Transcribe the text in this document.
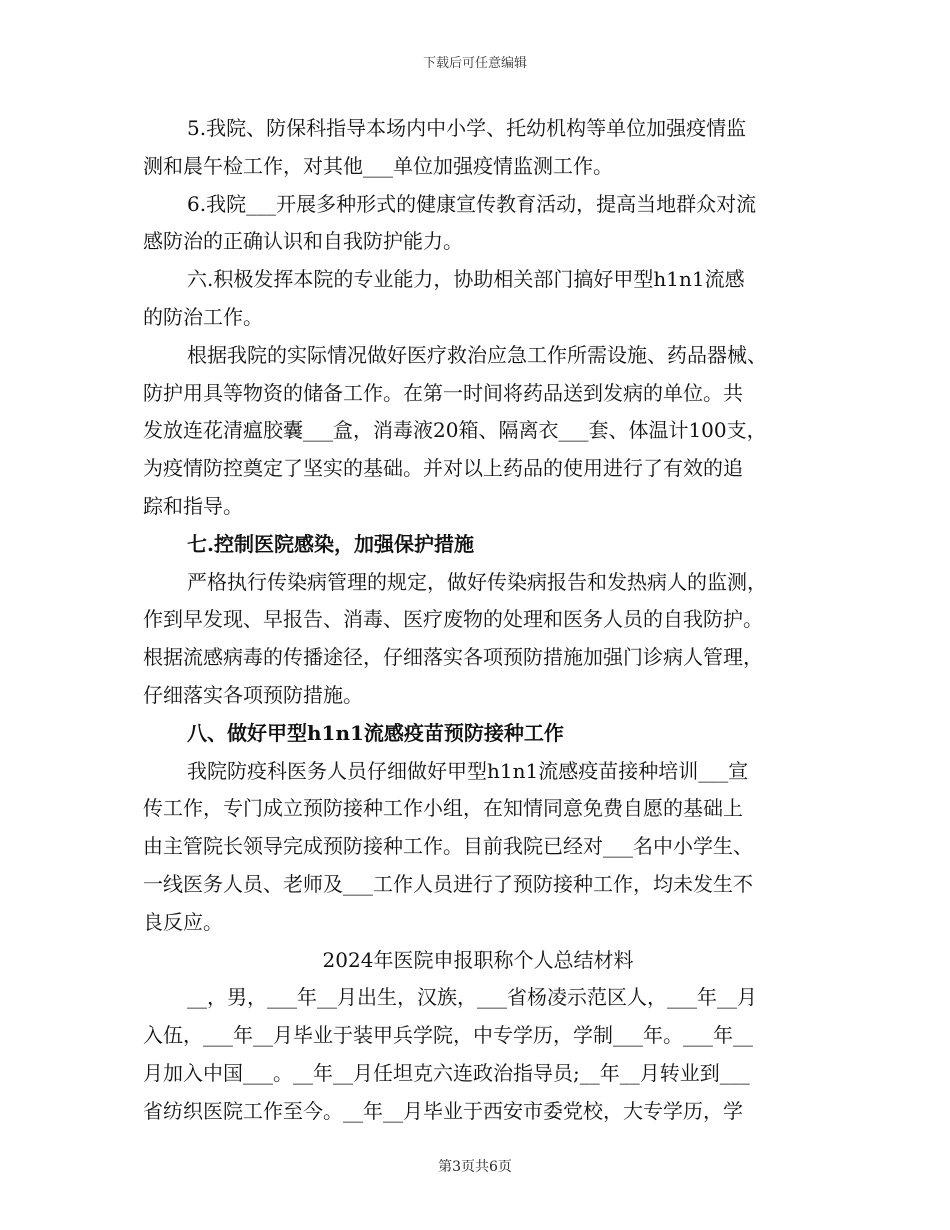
下载后可任意编辑
5.我院、防保科指导本场内中小学、托幼机构等单位加强疫情监
测和晨午检工作，对其他___单位加强疫情监测工作。
6.我院___开展多种形式的健康宣传教育活动，提高当地群众对流
感防治的正确认识和自我防护能力。
六.积极发挥本院的专业能力，协助相关部门搞好甲型h1n1流感
的防治工作。
根据我院的实际情况做好医疗救治应急工作所需设施、药品器械、
防护用具等物资的储备工作。在第一时间将药品送到发病的单位。共
发放连花清瘟胶囊___盒，消毒液20箱、隔离衣___套、体温计100支，
为疫情防控奠定了坚实的基础。并对以上药品的使用进行了有效的追
踪和指导。
七.控制医院感染，加强保护措施
严格执行传染病管理的规定，做好传染病报告和发热病人的监测，
作到早发现、早报告、消毒、医疗废物的处理和医务人员的自我防护。
根据流感病毒的传播途径，仔细落实各项预防措施加强门诊病人管理，
仔细落实各项预防措施。
八、做好甲型h1n1流感疫苗预防接种工作
我院防疫科医务人员仔细做好甲型h1n1流感疫苗接种培训___宣
传工作，专门成立预防接种工作小组，在知情同意免费自愿的基础上
由主管院长领导完成预防接种工作。目前我院已经对___名中小学生、
一线医务人员、老师及___工作人员进行了预防接种工作，均未发生不
良反应。
2024年医院申报职称个人总结材料
__，男，___年__月出生，汉族，___省杨凌示范区人，___年__月
入伍，___年__月毕业于装甲兵学院，中专学历，学制___年。___年__
月加入中国___。__年__月任坦克六连政治指导员;__年__月转业到___
省纺织医院工作至今。__年__月毕业于西安市委党校，大专学历，学
第3页共6页
